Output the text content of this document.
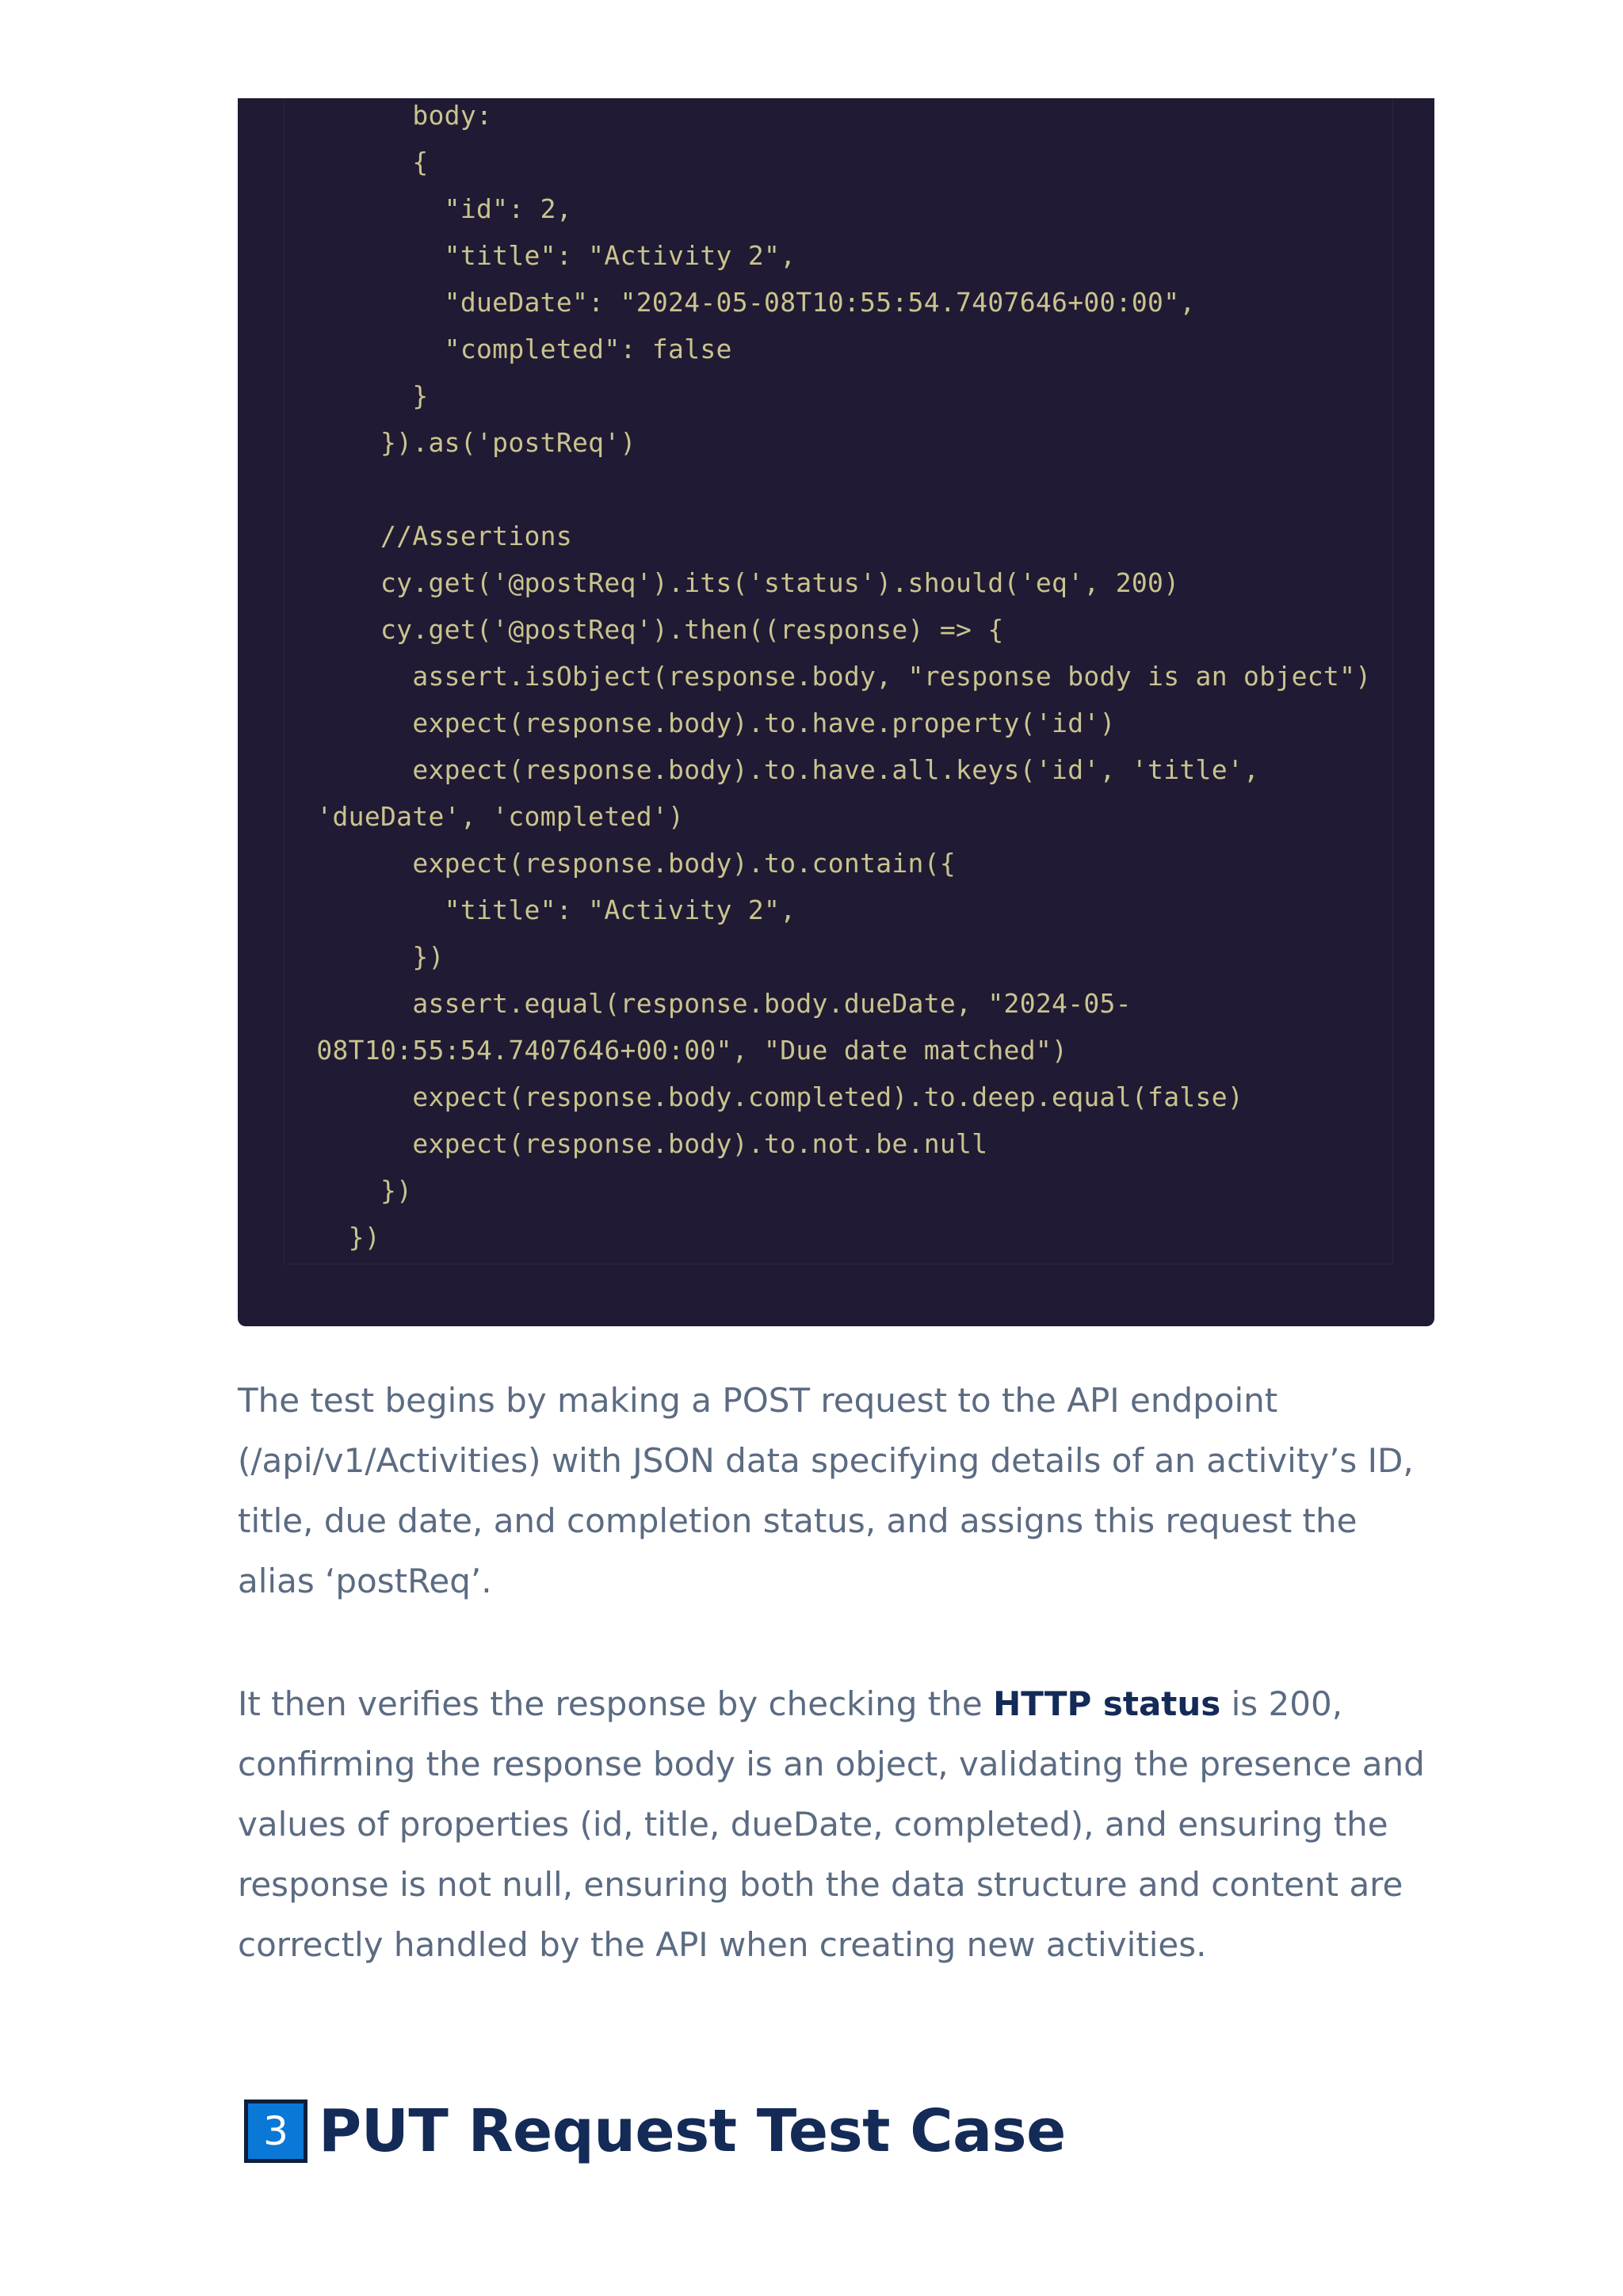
body:
{
"id": 2,
"title": "Activity 2",
"dueDate": "2024-05-08T10:55:54.7407646+00:00",
"completed": false
}
}).as('postReq')
//Assertions
cy.get('@postReq').its('status').should('eq', 200)
cy.get('@postReq').then((response) => {
assert.isObject(response.body, "response body is an object")
expect(response.body).to.have.property('id')
expect(response.body).to.have.all.keys('id', 'title',
'dueDate', 'completed')
expect(response.body).to.contain({
"title": "Activity 2",
})
assert.equal(response.body.dueDate, "2024-05-
08T10:55:54.7407646+00:00", "Due date matched")
expect(response.body.completed).to.deep.equal(false)
expect(response.body).to.not.be.null
})
})

The test begins by making a POST request to the API endpoint (/api/v1/Activities) with JSON data specifying details of an activity’s ID, title, due date, and completion status, and assigns this request the alias ‘postReq’.

It then verifies the response by checking the HTTP status is 200, confirming the response body is an object, validating the presence and values of properties (id, title, dueDate, completed), and ensuring the response is not null, ensuring both the data structure and content are correctly handled by the API when creating new activities.

3 PUT Request Test Case
